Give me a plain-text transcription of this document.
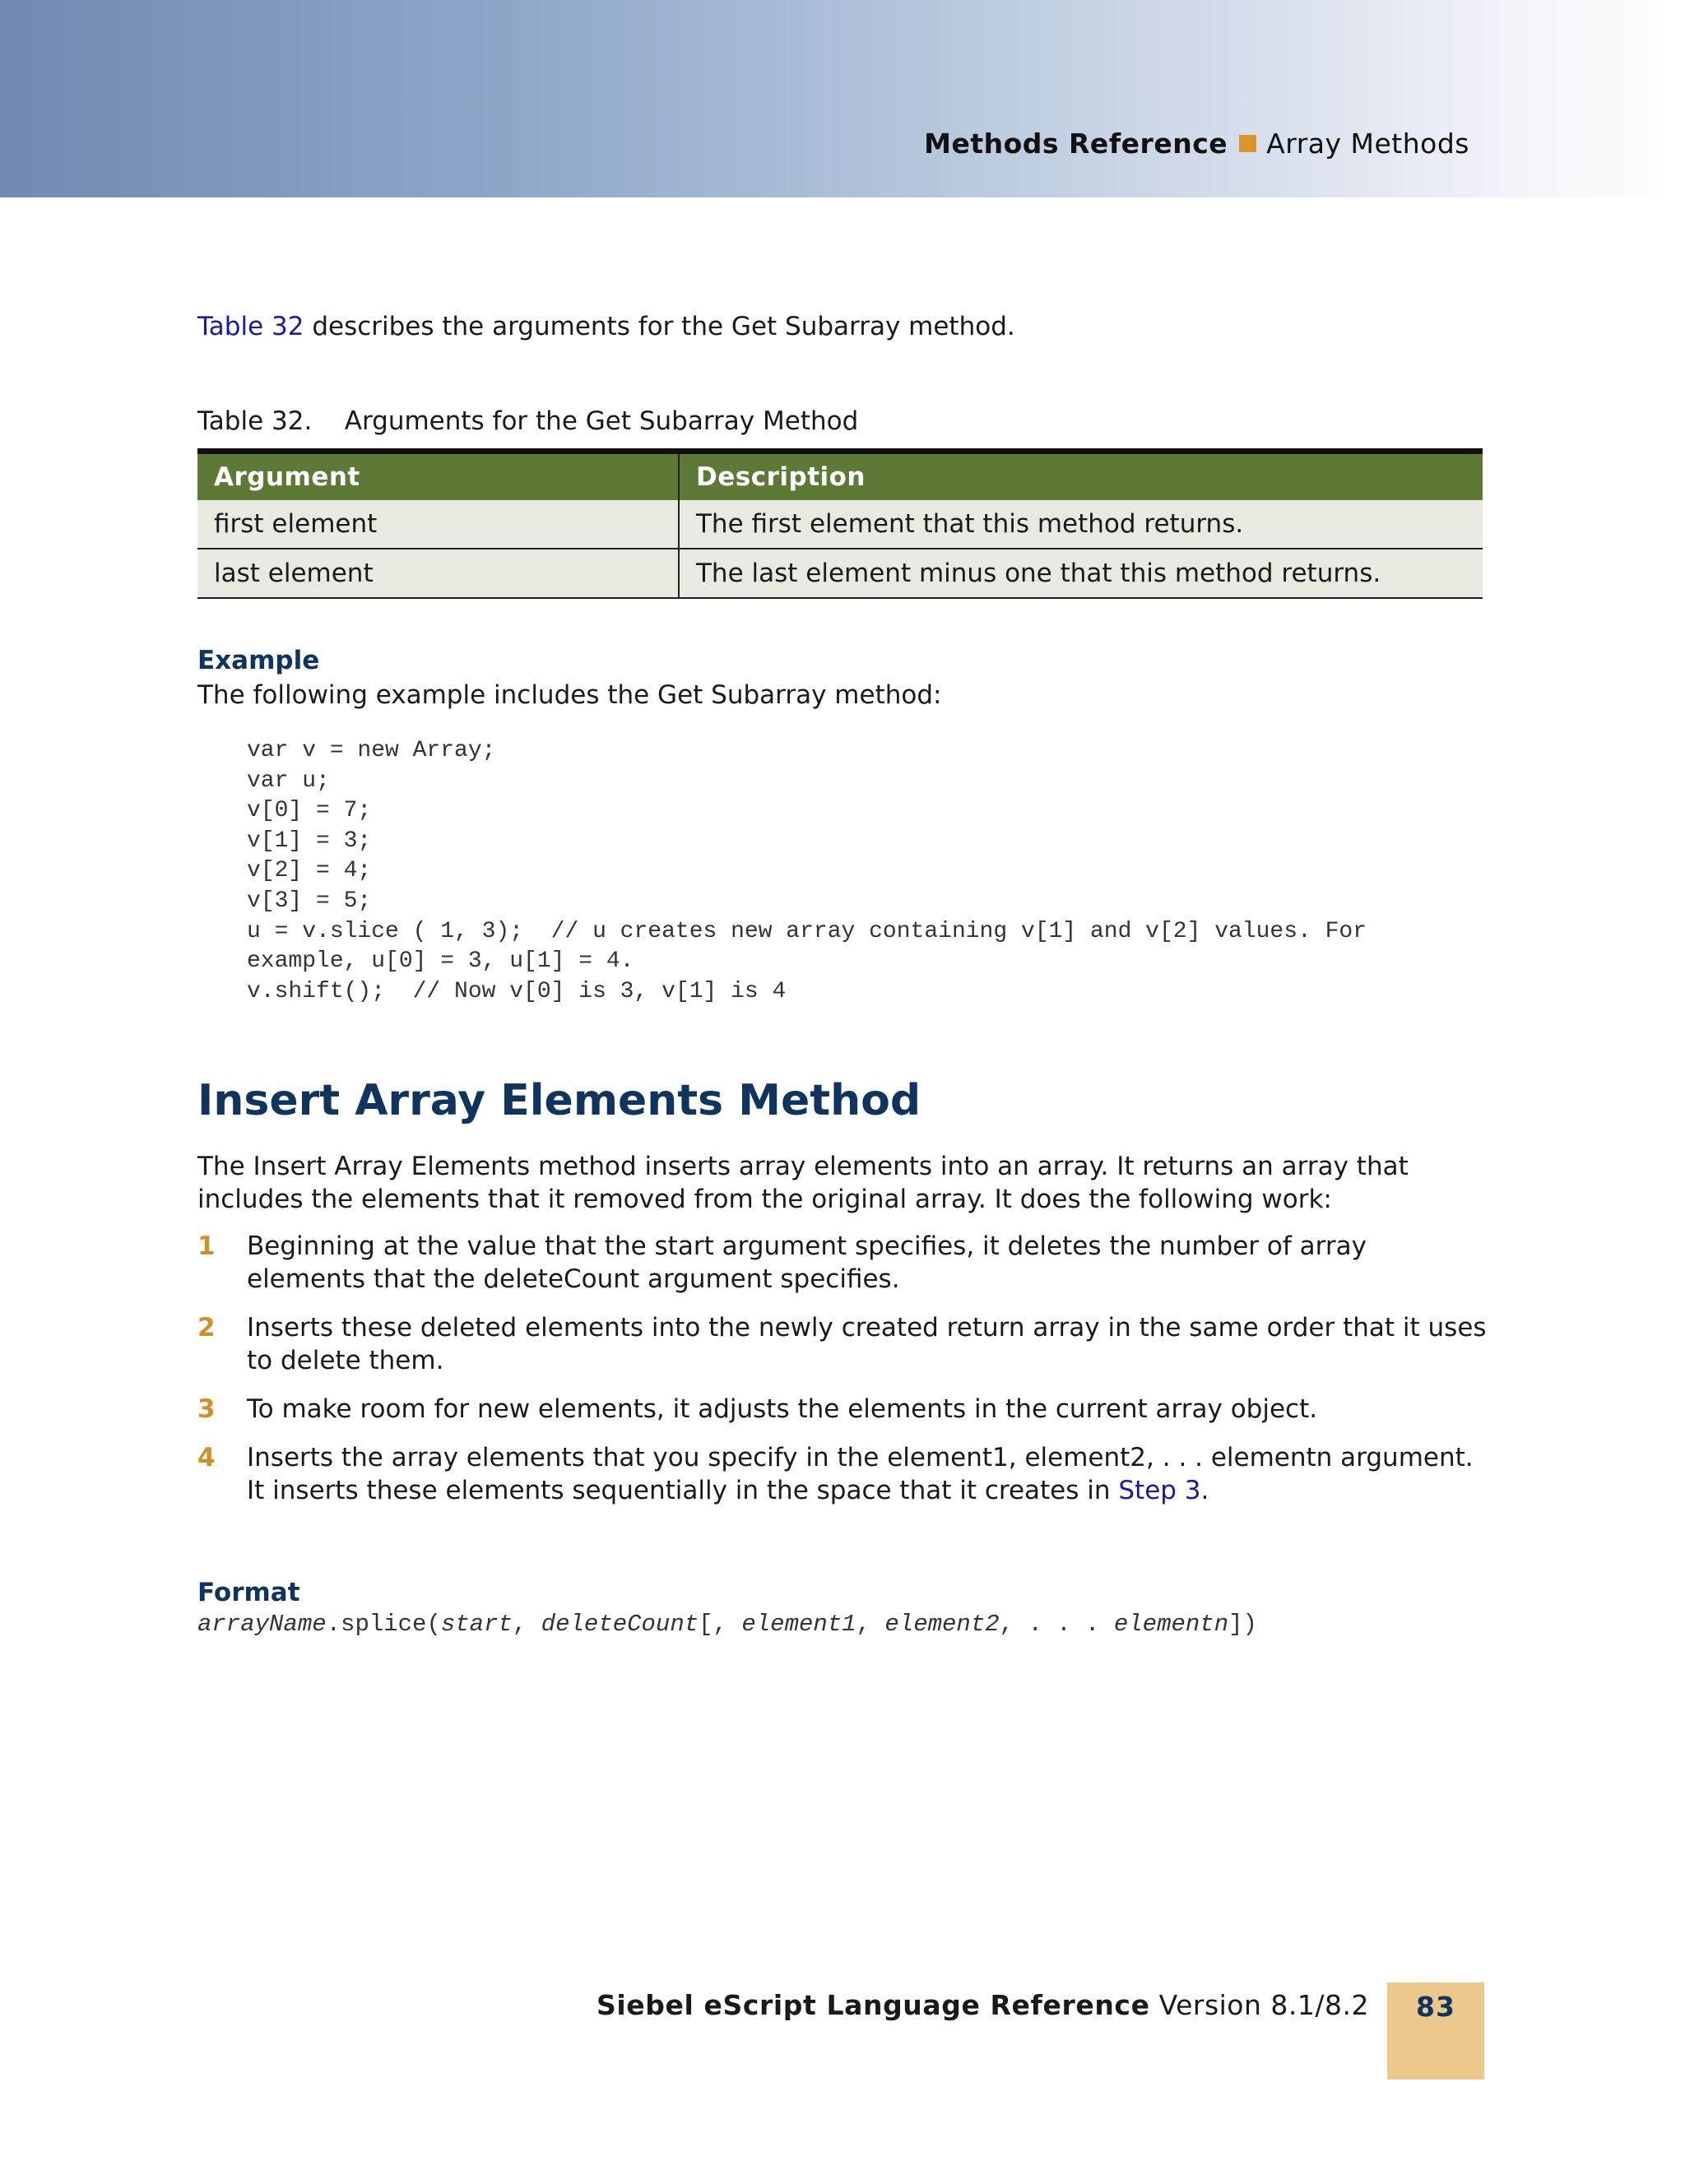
Methods Reference Array Methods
Table 32 describes the arguments for the Get Subarray method.
Table 32.    Arguments for the Get Subarray Method
Argument	Description
first element	The first element that this method returns.
last element	The last element minus one that this method returns.
Example
The following example includes the Get Subarray method:
var v = new Array;
var u;
v[0] = 7;
v[1] = 3;
v[2] = 4;
v[3] = 5;
u = v.slice ( 1, 3);  // u creates new array containing v[1] and v[2] values. For
example, u[0] = 3, u[1] = 4.
v.shift();  // Now v[0] is 3, v[1] is 4
Insert Array Elements Method
The Insert Array Elements method inserts array elements into an array. It returns an array that includes the elements that it removed from the original array. It does the following work:
1 Beginning at the value that the start argument specifies, it deletes the number of array elements that the deleteCount argument specifies.
2 Inserts these deleted elements into the newly created return array in the same order that it uses to delete them.
3 To make room for new elements, it adjusts the elements in the current array object.
4 Inserts the array elements that you specify in the element1, element2, . . . elementn argument. It inserts these elements sequentially in the space that it creates in Step 3.
Format
arrayName.splice(start, deleteCount[, element1, element2, . . . elementn])
Siebel eScript Language Reference Version 8.1/8.2	83
